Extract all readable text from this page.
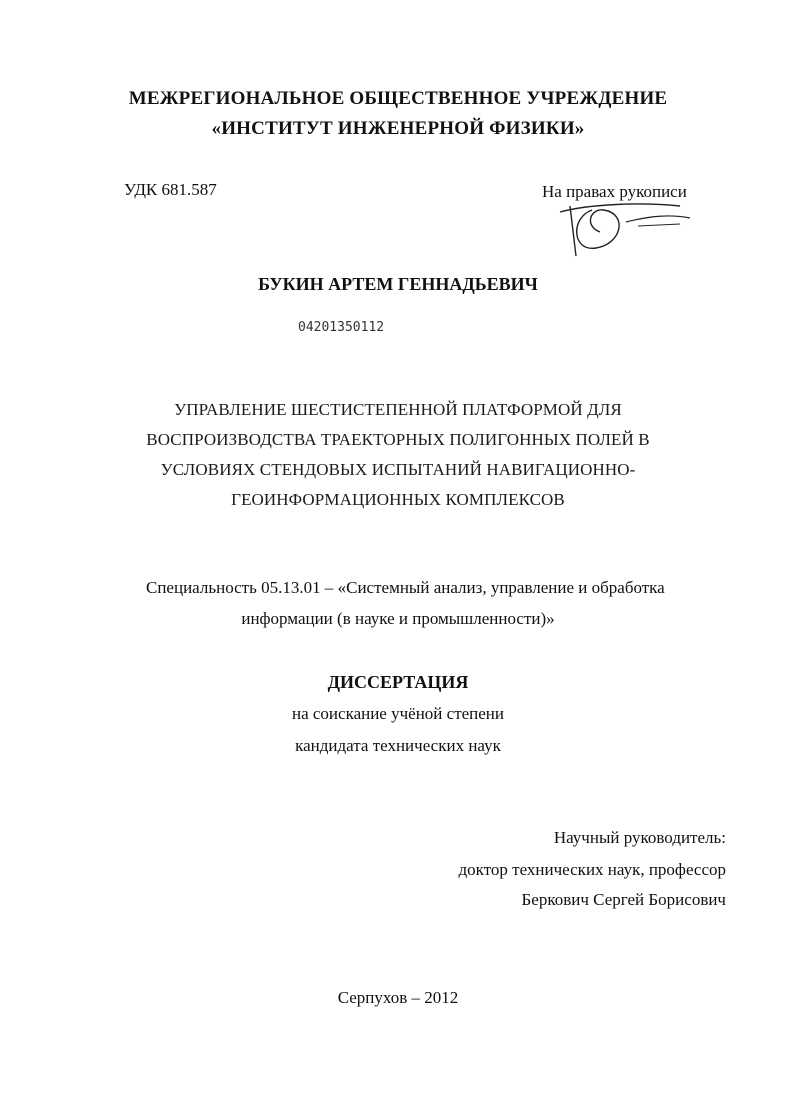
МЕЖРЕГИОНАЛЬНОЕ ОБЩЕСТВЕННОЕ УЧРЕЖДЕНИЕ
«ИНСТИТУТ ИНЖЕНЕРНОЙ ФИЗИКИ»
УДК 681.587	На правах рукописи
БУКИН АРТЕМ ГЕННАДЬЕВИЧ
04201350112
УПРАВЛЕНИЕ ШЕСТИСТЕПЕННОЙ ПЛАТФОРМОЙ ДЛЯ
ВОСПРОИЗВОДСТВА ТРАЕКТОРНЫХ ПОЛИГОННЫХ ПОЛЕЙ В
УСЛОВИЯХ СТЕНДОВЫХ ИСПЫТАНИЙ НАВИГАЦИОННО-
ГЕОИНФОРМАЦИОННЫХ КОМПЛЕКСОВ
Специальность 05.13.01 – «Системный анализ, управление и обработка
информации (в науке и промышленности)»
ДИССЕРТАЦИЯ
на соискание учёной степени
кандидата технических наук
Научный руководитель:
доктор технических наук, профессор
Беркович Сергей Борисович
Серпухов – 2012
